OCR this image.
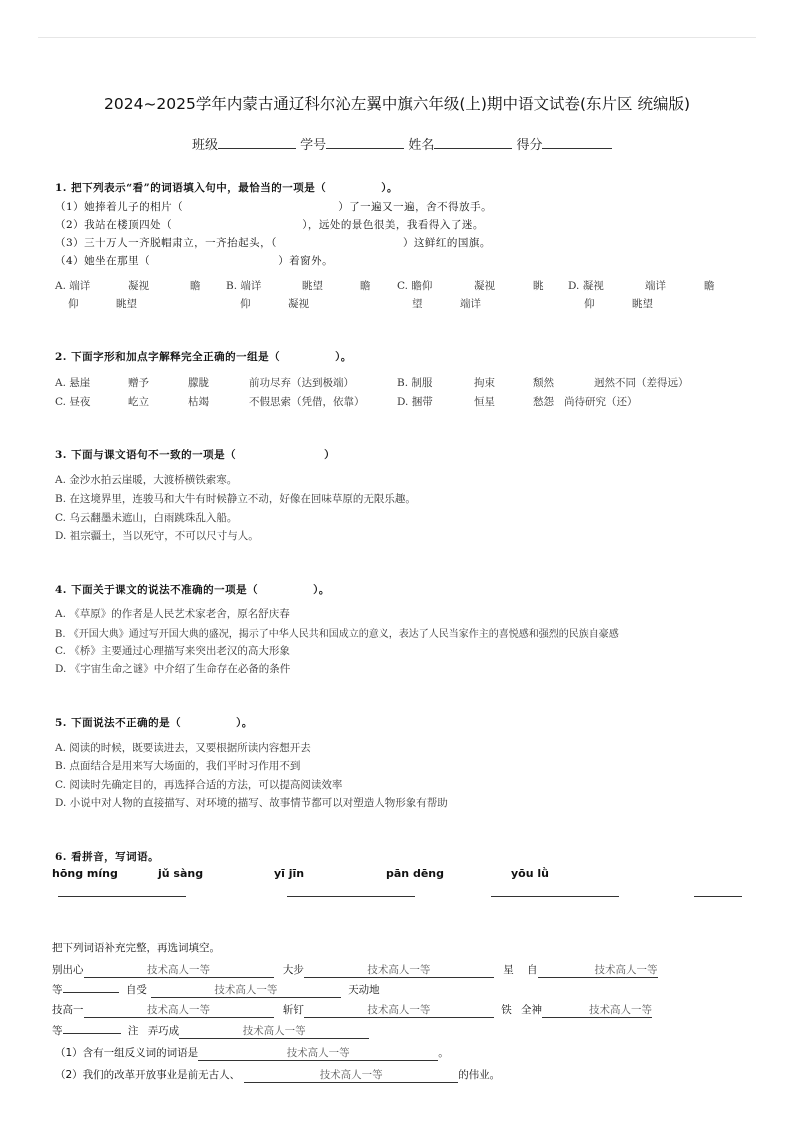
2024~2025学年内蒙古通辽科尔沁左翼中旗六年级(上)期中语文试卷(东片区 统编版)
班级	学号	姓名	得分
1. 把下列表示“看”的词语填入句中，最恰当的一项是（　　　　　）。
（1）她捧着儿子的相片（	）了一遍又一遍，舍不得放手。
（2）我站在楼顶四处（	），远处的景色很美，我看得入了迷。
（3）三十万人一齐脱帽肃立，一齐抬起头，（	）这鲜红的国旗。
（4）她坐在那里（	）着窗外。
A. 端详	凝视	瞻
仰	眺望
B. 端详	眺望	瞻
仰	凝视
C. 瞻仰	凝视	眺
望	端详
D. 凝视	端详	瞻
仰	眺望
2. 下面字形和加点字解释完全正确的一组是（　　　　　）。
A. 悬崖	赠予	朦胧	前功尽弃（达到极端）	B. 制服	拘束	颓然	迥然不同（差得远）
C. 昼夜	屹立	枯竭	不假思索（凭借，依靠）	D. 捆带	恒星	愁怨 尚待研究（还）
3. 下面与课文语句不一致的一项是（　　　　　　　　）
A. 金沙水拍云崖暖，大渡桥横铁索寒。
B. 在这境界里，连骏马和大牛有时候静立不动，好像在回味草原的无限乐趣。
C. 乌云翻墨未遮山，白雨跳珠乱入船。
D. 祖宗疆土，当以死守，不可以尺寸与人。
4. 下面关于课文的说法不准确的一项是（　　　　　）。
A. 《草原》的作者是人民艺术家老舍，原名舒庆春
B. 《开国大典》通过写开国大典的盛况，揭示了中华人民共和国成立的意义，表达了人民当家作主的喜悦感和强烈的民族自豪感
C. 《桥》主要通过心理描写来突出老汉的高大形象
D. 《宇宙生命之谜》中介绍了生命存在必备的条件
5. 下面说法不正确的是（　　　　　）。
A. 阅读的时候，既要读进去，又要根据所读内容想开去
B. 点面结合是用来写大场面的，我们平时习作用不到
C. 阅读时先确定目的，再选择合适的方法，可以提高阅读效率
D. 小说中对人物的直接描写、对环境的描写、故事情节都可以对塑造人物形象有帮助
6. 看拼音，写词语。
hōng míng	jǔ sàng	yī jīn	pān dēng	yōu lǜ
把下列词语补充完整，再选词填空。
别出心	技术高人一等	大步	技术高人一等	星 自	技术高人一等
等	自受	技术高人一等	天动地
技高一	技术高人一等	斩钉	技术高人一等	铁 全神	技术高人一等
等	注 弄巧成	技术高人一等
（1）含有一组反义词的词语是	技术高人一等	。
（2）我们的改革开放事业是前无古人、	技术高人一等	的伟业。
